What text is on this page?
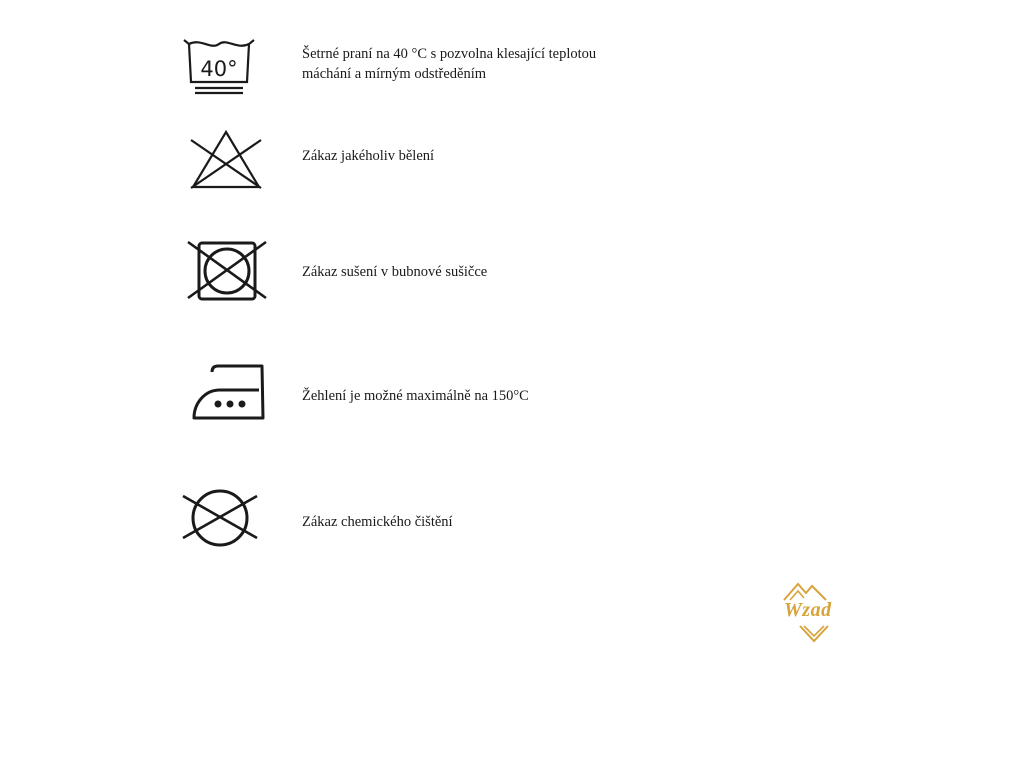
40°
Šetrné praní na 40 °C s pozvolna klesající teplotou
máchání a mírným odstředěním
Zákaz jakéholiv bělení
Zákaz sušení v bubnové sušičce
Žehlení je možné maximálně na 150°C
Zákaz chemického čištění
Wzad
